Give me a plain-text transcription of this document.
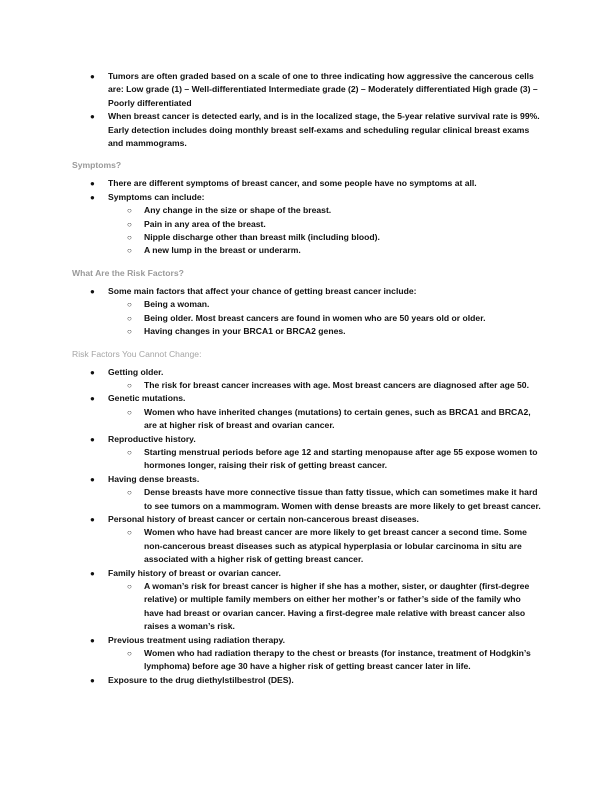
● Tumors are often graded based on a scale of one to three indicating how aggressive the cancerous cells are: Low grade (1) – Well-differentiated Intermediate grade (2) – Moderately differentiated High grade (3) – Poorly differentiated
● When breast cancer is detected early, and is in the localized stage, the 5-year relative survival rate is 99%. Early detection includes doing monthly breast self-exams and scheduling regular clinical breast exams and mammograms.
Symptoms?
● There are different symptoms of breast cancer, and some people have no symptoms at all.
● Symptoms can include:
○ Any change in the size or shape of the breast.
○ Pain in any area of the breast.
○ Nipple discharge other than breast milk (including blood).
○ A new lump in the breast or underarm.
What Are the Risk Factors?
● Some main factors that affect your chance of getting breast cancer include:
○ Being a woman.
○ Being older. Most breast cancers are found in women who are 50 years old or older.
○ Having changes in your BRCA1 or BRCA2 genes.
Risk Factors You Cannot Change:
● Getting older.
○ The risk for breast cancer increases with age. Most breast cancers are diagnosed after age 50.
● Genetic mutations.
○ Women who have inherited changes (mutations) to certain genes, such as BRCA1 and BRCA2, are at higher risk of breast and ovarian cancer.
● Reproductive history.
○ Starting menstrual periods before age 12 and starting menopause after age 55 expose women to hormones longer, raising their risk of getting breast cancer.
● Having dense breasts.
○ Dense breasts have more connective tissue than fatty tissue, which can sometimes make it hard to see tumors on a mammogram. Women with dense breasts are more likely to get breast cancer.
● Personal history of breast cancer or certain non-cancerous breast diseases.
○ Women who have had breast cancer are more likely to get breast cancer a second time. Some non-cancerous breast diseases such as atypical hyperplasia or lobular carcinoma in situ are associated with a higher risk of getting breast cancer.
● Family history of breast or ovarian cancer.
○ A woman’s risk for breast cancer is higher if she has a mother, sister, or daughter (first-degree relative) or multiple family members on either her mother’s or father’s side of the family who have had breast or ovarian cancer. Having a first-degree male relative with breast cancer also raises a woman’s risk.
● Previous treatment using radiation therapy.
○ Women who had radiation therapy to the chest or breasts (for instance, treatment of Hodgkin’s lymphoma) before age 30 have a higher risk of getting breast cancer later in life.
● Exposure to the drug diethylstilbestrol (DES).
